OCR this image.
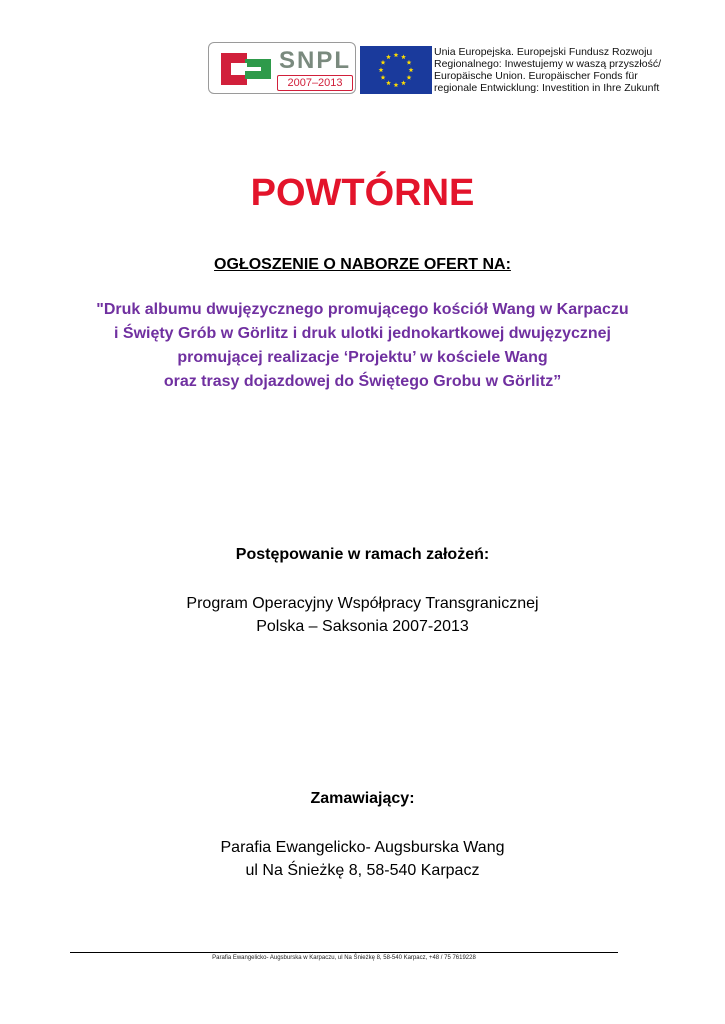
SNPL
2007–2013
Unia Europejska. Europejski Fundusz Rozwoju
Regionalnego: Inwestujemy w waszą przyszłość/
Europäische Union. Europäischer Fonds für
regionale Entwicklung: Investition in Ihre Zukunft
POWTÓRNE
OGŁOSZENIE O NABORZE OFERT NA:
"Druk albumu dwujęzycznego promującego kościół Wang w Karpaczu
i Święty Grób w Görlitz i druk ulotki jednokartkowej dwujęzycznej
promującej realizacje ‘Projektu’ w kościele Wang
oraz trasy dojazdowej do Świętego Grobu w Görlitz”
Postępowanie w ramach założeń:
Program Operacyjny Współpracy Transgranicznej
Polska – Saksonia 2007-2013
Zamawiający:
Parafia Ewangelicko- Augsburska Wang
ul Na Śnieżkę 8, 58-540 Karpacz
Parafia Ewangelicko- Augsburska w Karpaczu, ul Na Śnieżkę 8, 58-540 Karpacz, +48 / 75 7619228
